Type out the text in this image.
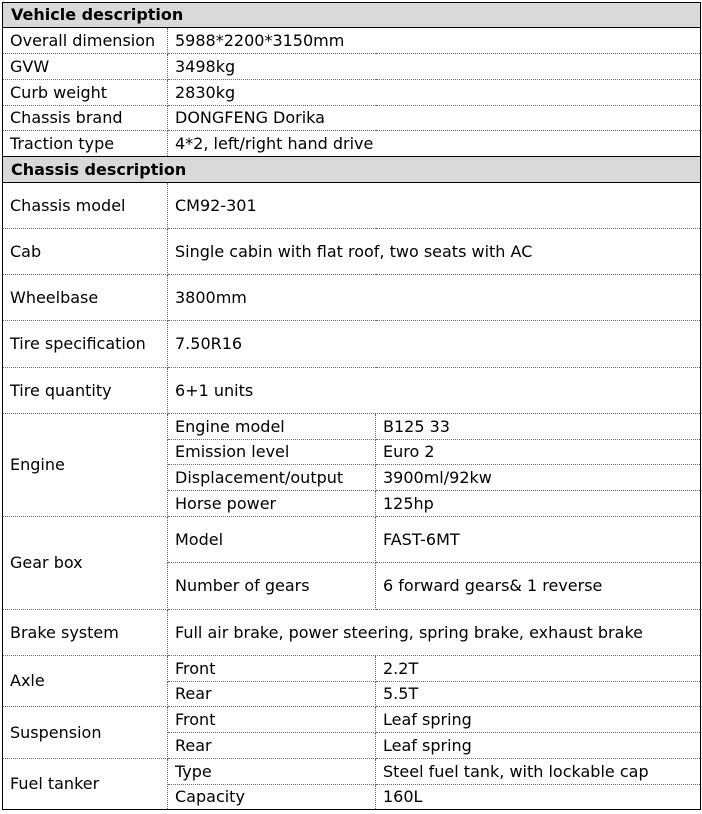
Vehicle description		
Overall dimension	5988*2200*3150mm	
GVW	3498kg	
Curb weight	2830kg	
Chassis brand	DONGFENG Dorika	
Traction type	4*2, left/right hand drive	
Chassis description		
Chassis model	CM92-301	
Cab	Single cabin with flat roof, two seats with AC	
Wheelbase	3800mm	
Tire specification	7.50R16	
Tire quantity	6+1 units	
Engine	Engine model	B125 33
	Emission level	Euro 2
	Displacement/output	3900ml/92kw
	Horse power	125hp
Gear box	Model	FAST-6MT
	Number of gears	6 forward gears& 1 reverse
Brake system	Full air brake, power steering, spring brake, exhaust brake	
Axle	Front	2.2T
	Rear	5.5T
Suspension	Front	Leaf spring
	Rear	Leaf spring
Fuel tanker	Type	Steel fuel tank, with lockable cap
	Capacity	160L
